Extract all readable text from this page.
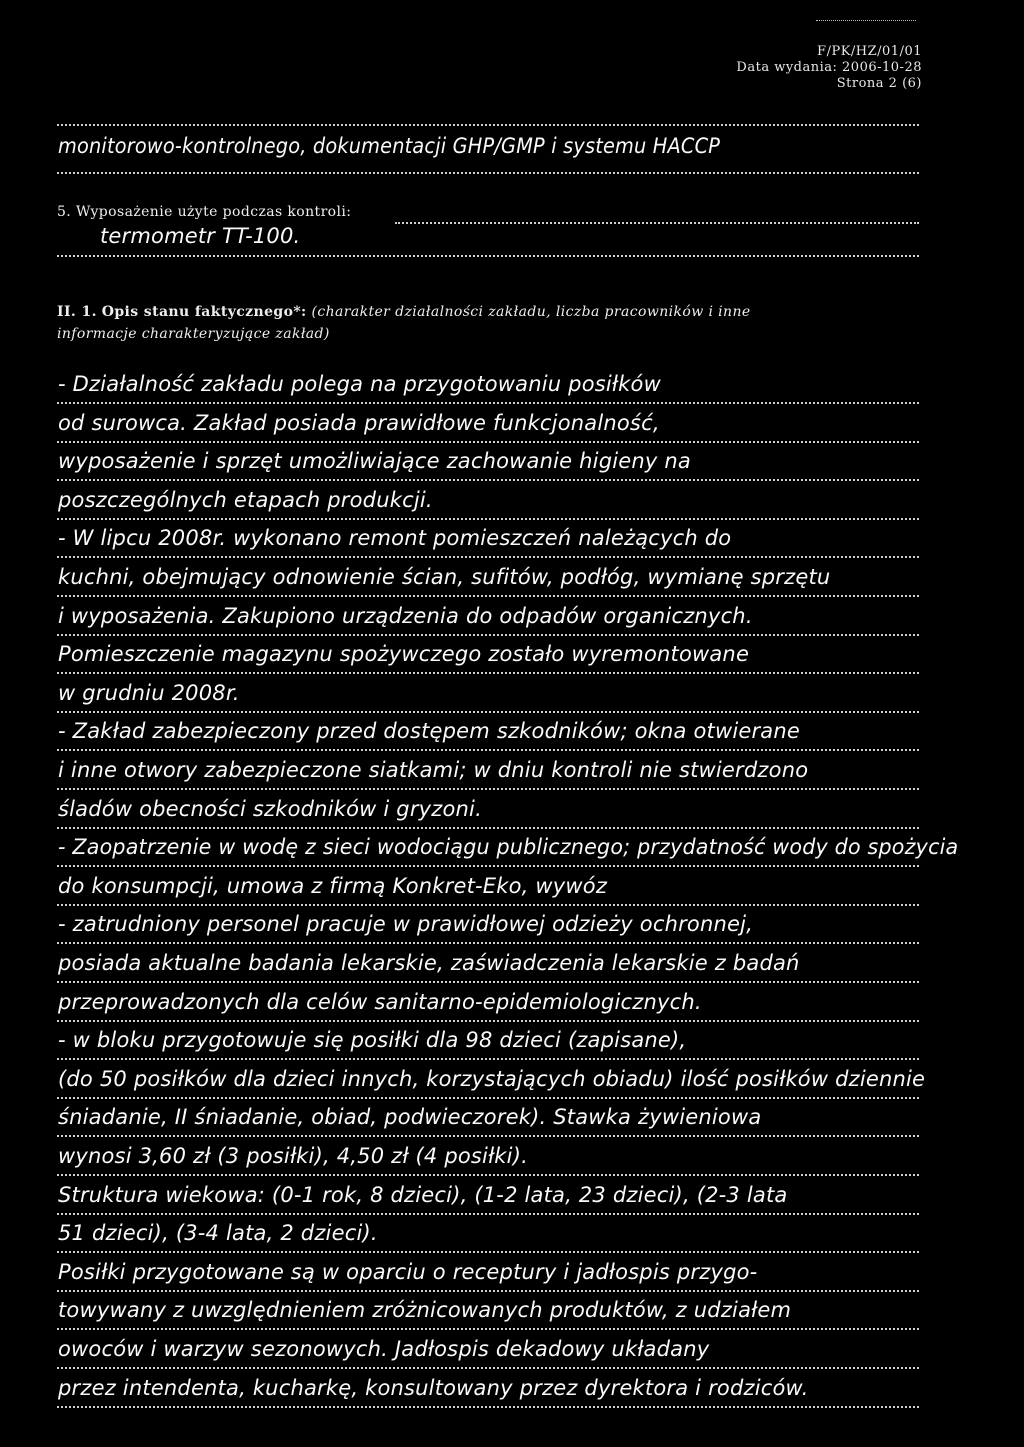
F/PK/HZ/01/01
Data wydania: 2006-10-28
Strona 2 (6)
monitorowo-kontrolnego, dokumentacji GHP/GMP i systemu HACCP
5. Wyposażenie użyte podczas kontroli:
termometr TT-100.
II. 1. Opis stanu faktycznego*: (charakter działalności zakładu, liczba pracowników i inne
informacje charakteryzujące zakład)
- Działalność zakładu polega na przygotowaniu posiłków
od surowca. Zakład posiada prawidłowe funkcjonalność,
wyposażenie i sprzęt umożliwiające zachowanie higieny na
poszczególnych etapach produkcji.
- W lipcu 2008r. wykonano remont pomieszczeń należących do
kuchni, obejmujący odnowienie ścian, sufitów, podłóg, wymianę sprzętu
i wyposażenia. Zakupiono urządzenia do odpadów organicznych.
Pomieszczenie magazynu spożywczego zostało wyremontowane
w grudniu 2008r.
- Zakład zabezpieczony przed dostępem szkodników; okna otwierane
i inne otwory zabezpieczone siatkami; w dniu kontroli nie stwierdzono
śladów obecności szkodników i gryzoni.
- Zaopatrzenie w wodę z sieci wodociągu publicznego; przydatność wody do spożycia
do konsumpcji, umowa z firmą Konkret-Eko, wywóz
- zatrudniony personel pracuje w prawidłowej odzieży ochronnej,
posiada aktualne badania lekarskie, zaświadczenia lekarskie z badań
przeprowadzonych dla celów sanitarno-epidemiologicznych.
- w bloku przygotowuje się posiłki dla 98 dzieci (zapisane),
(do 50 posiłków dla dzieci innych, korzystających obiadu) ilość posiłków dziennie
śniadanie, II śniadanie, obiad, podwieczorek). Stawka żywieniowa
wynosi 3,60 zł (3 posiłki), 4,50 zł (4 posiłki).
Struktura wiekowa: (0-1 rok, 8 dzieci), (1-2 lata, 23 dzieci), (2-3 lata
51 dzieci), (3-4 lata, 2 dzieci).
Posiłki przygotowane są w oparciu o receptury i jadłospis przygo-
towywany z uwzględnieniem zróżnicowanych produktów, z udziałem
owoców i warzyw sezonowych. Jadłospis dekadowy układany
przez intendenta, kucharkę, konsultowany przez dyrektora i rodziców.
